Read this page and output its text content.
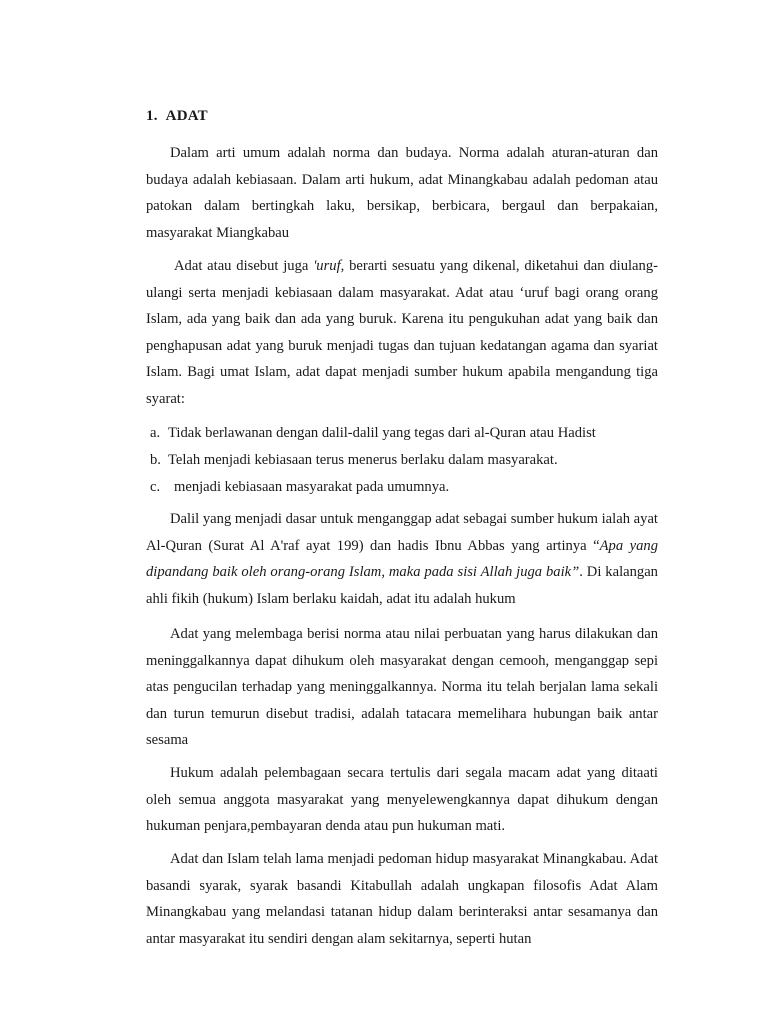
1. ADAT

Dalam arti umum adalah norma dan budaya. Norma adalah aturan-aturan dan budaya adalah kebiasaan. Dalam arti hukum, adat Minangkabau adalah pedoman atau patokan dalam bertingkah laku, bersikap, berbicara, bergaul dan berpakaian, masyarakat Miangkabau

Adat atau disebut juga 'uruf, berarti sesuatu yang dikenal, diketahui dan diulang-ulangi serta menjadi kebiasaan dalam masyarakat. Adat atau ‘uruf bagi orang orang Islam, ada yang baik dan ada yang buruk. Karena itu pengukuhan adat yang baik dan penghapusan adat yang buruk menjadi tugas dan tujuan kedatangan agama dan syariat Islam. Bagi umat Islam, adat dapat menjadi sumber hukum apabila mengandung tiga syarat:

a. Tidak berlawanan dengan dalil-dalil yang tegas dari al-Quran atau Hadist
b. Telah menjadi kebiasaan terus menerus berlaku dalam masyarakat.
c. menjadi kebiasaan masyarakat pada umumnya.

Dalil yang menjadi dasar untuk menganggap adat sebagai sumber hukum ialah ayat Al-Quran (Surat Al A'raf ayat 199) dan hadis Ibnu Abbas yang artinya “Apa yang dipandang baik oleh orang-orang Islam, maka pada sisi Allah juga baik”. Di kalangan ahli fikih (hukum) Islam berlaku kaidah, adat itu adalah hukum

Adat yang melembaga berisi norma atau nilai perbuatan yang harus dilakukan dan meninggalkannya dapat dihukum oleh masyarakat dengan cemooh, menganggap sepi atas pengucilan terhadap yang meninggalkannya. Norma itu telah berjalan lama sekali dan turun temurun disebut tradisi, adalah tatacara memelihara hubungan baik antar sesama

Hukum adalah pelembagaan secara tertulis dari segala macam adat yang ditaati oleh semua anggota masyarakat yang menyelewengkannya dapat dihukum dengan hukuman penjara,pembayaran denda atau pun hukuman mati.

Adat dan Islam telah lama menjadi pedoman hidup masyarakat Minangkabau. Adat basandi syarak, syarak basandi Kitabullah adalah ungkapan filosofis Adat Alam Minangkabau yang melandasi tatanan hidup dalam berinteraksi antar sesamanya dan antar masyarakat itu sendiri dengan alam sekitarnya, seperti hutan
